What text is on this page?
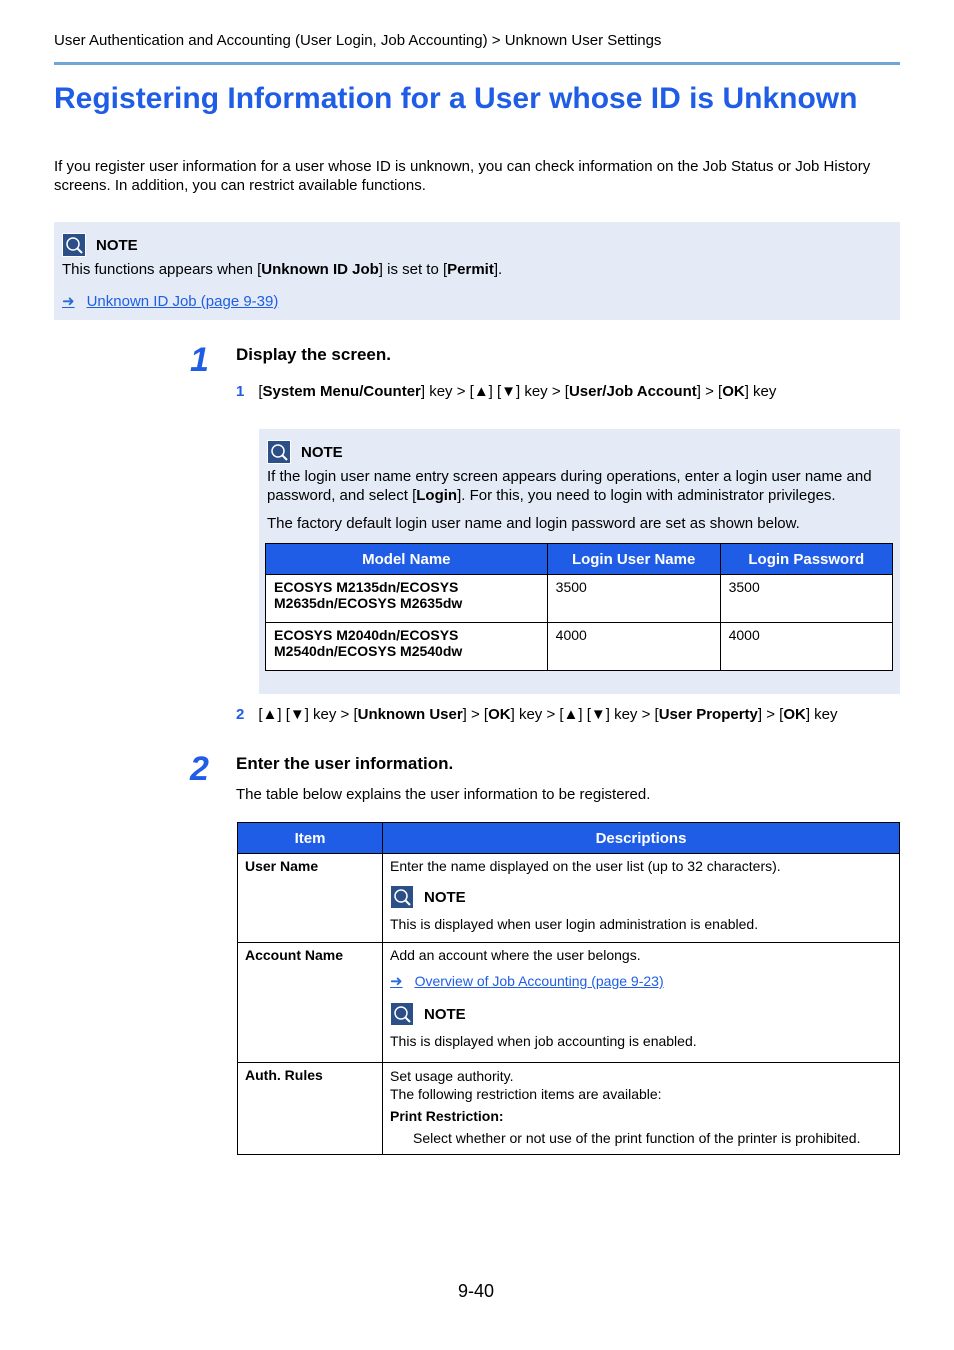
User Authentication and Accounting (User Login, Job Accounting) > Unknown User Settings
Registering Information for a User whose ID is Unknown
If you register user information for a user whose ID is unknown, you can check information on the Job Status or Job History screens. In addition, you can restrict available functions.
NOTE
This functions appears when [Unknown ID Job] is set to [Permit].
➜ Unknown ID Job (page 9-39)
1 Display the screen.
1 [System Menu/Counter] key > [▲] [▼] key > [User/Job Account] > [OK] key
NOTE
If the login user name entry screen appears during operations, enter a login user name and password, and select [Login]. For this, you need to login with administrator privileges.
The factory default login user name and login password are set as shown below.
Model Name	Login User Name	Login Password
ECOSYS M2135dn/ECOSYS M2635dn/ECOSYS M2635dw	3500	3500
ECOSYS M2040dn/ECOSYS M2540dn/ECOSYS M2540dw	4000	4000
2 [▲] [▼] key > [Unknown User] > [OK] key > [▲] [▼] key > [User Property] > [OK] key
2 Enter the user information.
The table below explains the user information to be registered.
Item	Descriptions
User Name	Enter the name displayed on the user list (up to 32 characters).
NOTE
This is displayed when user login administration is enabled.

Account Name	Add an account where the user belongs.
➜ Overview of Job Accounting (page 9-23)
NOTE
This is displayed when job accounting is enabled.

Auth. Rules	Set usage authority.
The following restriction items are available:
Print Restriction:
Select whether or not use of the print function of the printer is prohibited.
9-40
